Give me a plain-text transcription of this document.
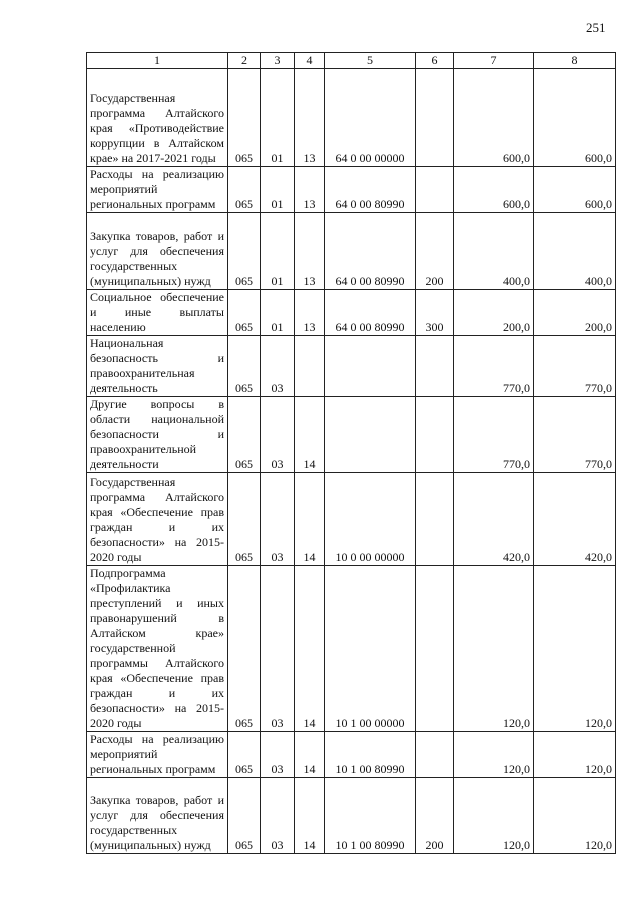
251
1	2	3	4	5	6	7	8
Государственная программа Алтайского края «Противодействие коррупции в Алтайском крае» на 2017-2021 годы	065	01	13	64 0 00 00000		600,0	600,0
Расходы на реализацию мероприятий региональных программ	065	01	13	64 0 00 80990		600,0	600,0
Закупка товаров, работ и услуг для обеспечения государственных (муниципальных) нужд	065	01	13	64 0 00 80990	200	400,0	400,0
Социальное обеспечение и иные выплаты населению	065	01	13	64 0 00 80990	300	200,0	200,0
Национальная безопасность и правоохранительная деятельность	065	03				770,0	770,0
Другие вопросы в области национальной безопасности и правоохранительной деятельности	065	03	14			770,0	770,0
Государственная программа Алтайского края «Обеспечение прав граждан и их безопасности» на 2015-2020 годы	065	03	14	10 0 00 00000		420,0	420,0
Подпрограмма «Профилактика преступлений и иных правонарушений в Алтайском крае» государственной программы Алтайского края «Обеспечение прав граждан и их безопасности» на 2015-2020 годы	065	03	14	10 1 00 00000		120,0	120,0
Расходы на реализацию мероприятий региональных программ	065	03	14	10 1 00 80990		120,0	120,0
Закупка товаров, работ и услуг для обеспечения государственных (муниципальных) нужд	065	03	14	10 1 00 80990	200	120,0	120,0
